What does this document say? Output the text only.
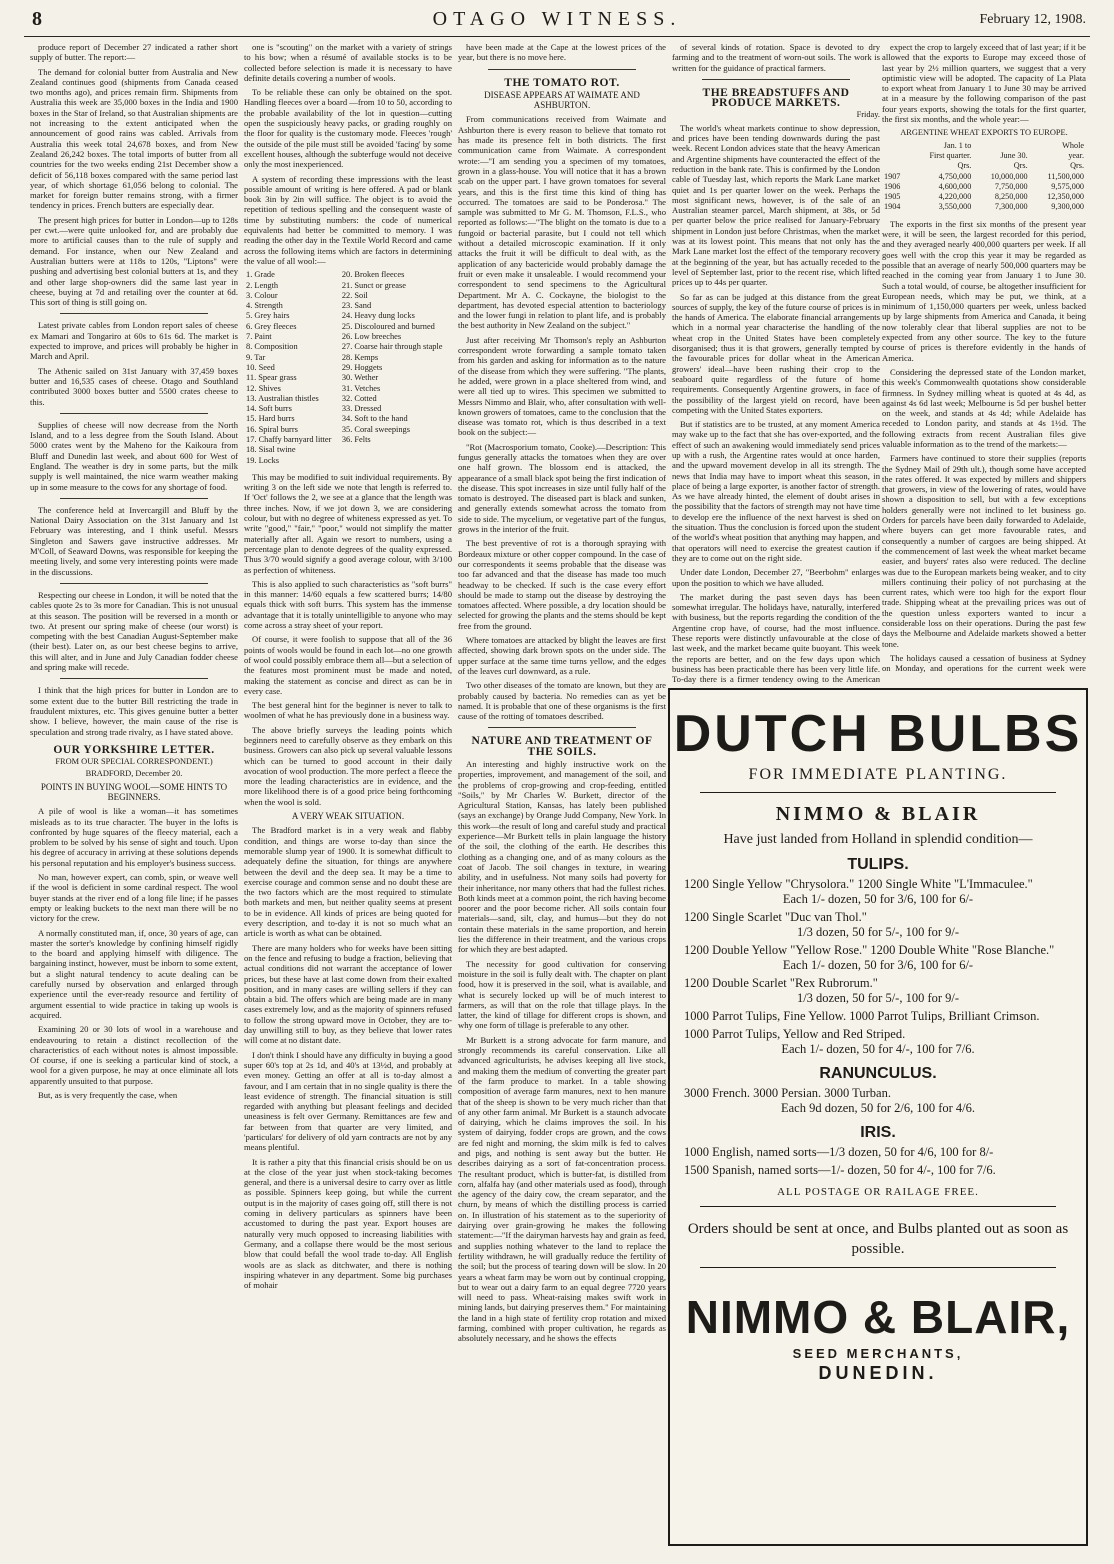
8	OTAGO WITNESS.	February 12, 1908.

produce report of December 27 indicated a rather short supply of butter. The report:—

The demand for colonial butter from Australia and New Zealand continues good (shipments from Canada ceased two months ago), and prices remain firm. Shipments from Australia this week are 35,000 boxes in the India and 1900 boxes in the Star of Ireland, so that Australian shipments are not increasing to the extent anticipated when the announcement of good rains was cabled. Arrivals from Australia this week total 24,678 boxes, and from New Zealand 26,242 boxes. The total imports of butter from all countries for the two weeks ending 21st December show a deficit of 56,118 boxes compared with the same period last year, of which shortage 61,056 belong to colonial. The market for foreign butter remains strong, with a firmer tendency in prices. French butters are especially dear.

The present high prices for butter in London—up to 128s per cwt.—were quite unlooked for, and are probably due more to artificial causes than to the rule of supply and demand. For instance, when our New Zealand and Australian butters were at 118s to 120s, "Liptons" were pushing and advertising best colonial butters at 1s, and they and other large shop-owners did the same last year in cheese, buying at 7d and retailing over the counter at 6d. This sort of thing is still going on.

Latest private cables from London report sales of cheese ex Mamari and Tongariro at 60s to 61s 6d. The market is expected to improve, and prices will probably be higher in March and April.

The Athenic sailed on 31st January with 37,459 boxes butter and 16,535 cases of cheese. Otago and Southland contributed 3000 boxes butter and 5500 crates cheese to this.

Supplies of cheese will now decrease from the North Island, and to a less degree from the South Island. About 5000 crates went by the Maheno for the Kaikoura from Bluff and Dunedin last week, and about 600 for West of England. The weather is dry in some parts, but the milk supply is well maintained, the nice warm weather making up in some measure to the cows for any shortage of food.

The conference held at Invercargill and Bluff by the National Dairy Association on the 31st January and 1st February was interesting, and I think useful. Messrs Singleton and Sawers gave instructive addresses. Mr M'Coll, of Seaward Downs, was responsible for keeping the meeting lively, and some very interesting points were made in the discussions.

Respecting our cheese in London, it will be noted that the cables quote 2s to 3s more for Canadian. This is not unusual at this season. The position will be reversed in a month or two. At present our spring make of cheese (our worst) is competing with the best Canadian August-September make (their best). Later on, as our best cheese begins to arrive, this will alter, and in June and July Canadian fodder cheese and spring make will recede.

I think that the high prices for butter in London are to some extent due to the butter Bill restricting the trade in fraudulent mixtures, etc. This gives genuine butter a better show. I believe, however, the main cause of the rise is speculation and strong trade rivalry, as I have stated above.

OUR YORKSHIRE LETTER.

FROM OUR SPECIAL CORRESPONDENT.)

BRADFORD, December 20.

POINTS IN BUYING WOOL—SOME HINTS TO BEGINNERS.

A pile of wool is like a woman—it has sometimes misleads as to its true character. The buyer in the lofts is confronted by huge squares of the fleecy material, each a problem to be solved by his sense of sight and touch. Upon his degree of accuracy in arriving at these solutions depends his personal reputation and his employer's business success.

No man, however expert, can comb, spin, or weave well if the wool is deficient in some cardinal respect. The wool buyer stands at the river end of a long file line; if he passes empty or leaking buckets to the next man there will be no victory for the crew.

A normally constituted man, if, once, 30 years of age, can master the sorter's knowledge by confining himself rigidly to the board and applying himself with diligence. The bargaining instinct, however, must be inborn to some extent, but a slight natural tendency to acute dealing can be carefully nursed by observation and enlarged through experience until the ever-ready resource and fertility of argument essential to wide practice in taking up wools is acquired.

Examining 20 or 30 lots of wool in a warehouse and endeavouring to retain a distinct recollection of the characteristics of each without notes is almost impossible. Of course, if one is seeking a particular kind of stock, a wool for a given purpose, he may at once eliminate all lots apparently unsuited to that purpose.

But, as is very frequently the case, when

one is "scouting" on the market with a variety of strings to his bow; when a résumé of available stocks is to be collected before selection is made it is necessary to have definite details covering a number of wools.

To be reliable these can only be obtained on the spot. Handling fleeces over a board —from 10 to 50, according to the probable availability of the lot in question—cutting open the suspiciously heavy packs, or grading roughly on the floor for quality is the customary mode. Fleeces 'rough' the outside of the pile must still be avoided 'facing' by some excellent houses, although the subterfuge would not deceive only the most inexperienced.

A system of recording these impressions with the least possible amount of writing is here offered. A pad or blank book 3in by 2in will suffice. The object is to avoid the repetition of tedious spelling and the consequent waste of time by substituting numbers: the code of numerical equivalents had better be committed to memory. I was reading the other day in the Textile World Record and came across the following items which are factors in determining the value of all wool:—

1. Grade
2. Length
3. Colour
4. Strength
5. Grey hairs
6. Grey fleeces
7. Paint
8. Composition
9. Tar
10. Seed
11. Spear grass
12. Shives
13. Australian thistles
14. Soft burrs
15. Hard burrs
16. Spiral burrs
17. Chaffy barnyard litter
18. Sisal twine
19. Locks

20. Broken fleeces
21. Sunct or grease
22. Soil
23. Sand
24. Heavy dung locks
25. Discoloured and burned
26. Low breeches
27. Coarse hair through staple
28. Kemps
29. Hoggets
30. Wether
31. Vetches
32. Cotted
33. Dressed
34. Soft to the hand
35. Coral sweepings
36. Felts

This may be modified to suit individual requirements. By writing 3 on the left side we note that length is referred to. If 'Oct' follows the 2, we see at a glance that the length was three inches. Now, if we jot down 3, we are considering colour, but with no degree of whiteness expressed as yet. To write "good," "fair," "poor," would not simplify the matter materially after all. Again we resort to numbers, using a percentage plan to denote degrees of the quality expressed. Thus 3/70 would signify a good average colour, with 3/100 as perfection of whiteness.

This is also applied to such characteristics as "soft burrs" in this manner: 14/60 equals a few scattered burrs; 14/80 equals thick with soft burrs. This system has the immense advantage that it is totally unintelligible to anyone who may come across a stray sheet of your report.

Of course, it were foolish to suppose that all of the 36 points of wools would be found in each lot—no one growth of wool could possibly embrace them all—but a selection of the features most prominent must be made and noted, making the statement as concise and direct as can be in every case.

The best general hint for the beginner is never to talk to woolmen of what he has previously done in a business way.

The above briefly surveys the leading points which beginners need to carefully observe as they embark on this business. Growers can also pick up several valuable lessons which can be turned to good account in their daily avocation of wool production. The more perfect a fleece the more the leading characteristics are in evidence, and the more likelihood there is of a good price being forthcoming when the wool is sold.

A VERY WEAK SITUATION.

The Bradford market is in a very weak and flabby condition, and things are worse to-day than since the memorable slump year of 1900. It is somewhat difficult to adequately define the situation, for things are anywhere between the devil and the deep sea. It may be a time to exercise courage and common sense and no doubt these are the two factors which are the most required to stimulate both markets and men, but neither quality seems at present to be in evidence. All kinds of prices are being quoted for every description, and to-day it is not so much what an article is worth as what can be obtained.

There are many holders who for weeks have been sitting on the fence and refusing to budge a fraction, believing that actual conditions did not warrant the acceptance of lower prices, but these have at last come down from their exalted position, and in many cases are willing sellers if they can obtain a bid. The offers which are being made are in many cases extremely low, and as the majority of spinners refused to follow the strong upward move in October, they are to-day unwilling still to buy, as they believe that lower rates will come at no distant date.

I don't think I should have any difficulty in buying a good super 60's top at 2s 1d, and 40's at 13½d, and probably at even money. Getting an offer at all is to-day almost a favour, and I am certain that in no single quality is there the least evidence of strength. The financial situation is still regarded with anything but pleasant feelings and decided uneasiness is felt over Germany. Remittances are few and far between from that quarter are very limited, and 'particulars' for delivery of old yarn contracts are not by any means plentiful.

It is rather a pity that this financial crisis should be on us at the close of the year just when stock-taking becomes general, and there is a universal desire to carry over as little as possible. Spinners keep going, but while the current output is in the majority of cases going off, still there is not coming in delivery particulars as spinners have been accustomed to during the past year. Export houses are naturally very much opposed to increasing liabilities with Germany, and a collapse there would be the most serious blow that could befall the wool trade to-day. All English wools are as slack as ditchwater, and there is nothing inspiring whatever in any department. Some big purchases of mohair

have been made at the Cape at the lowest prices of the year, but there is no move here.

THE TOMATO ROT.
DISEASE APPEARS AT WAIMATE AND ASHBURTON.

From communications received from Waimate and Ashburton there is every reason to believe that tomato rot has made its presence felt in both districts. The first communication came from Waimate. A correspondent wrote:—"I am sending you a specimen of my tomatoes, grown in a glass-house. You will notice that it has a brown scab on the upper part. I have grown tomatoes for several years, and this is the first time this kind of thing has occurred. The tomatoes are said to be Ponderosa." The sample was submitted to Mr G. M. Thomson, F.L.S., who reported as follows:—"The blight on the tomato is due to a fungoid or bacterial parasite, but I could not tell which without a detailed microscopic examination. If it only attacks the fruit it will be difficult to deal with, as the application of any bactericide would probably damage the fruit or even make it unsaleable. I would recommend your correspondent to send specimens to the Agricultural Department. Mr A. C. Cockayne, the biologist to the department, has devoted especial attention to bacteriology and the lower fungi in relation to plant life, and is probably the best authority in New Zealand on the subject."

Just after receiving Mr Thomson's reply an Ashburton correspondent wrote forwarding a sample tomato taken from his garden and asking for information as to the nature of the disease from which they were suffering. "The plants, he added, were grown in a place sheltered from wind, and were all tied up to wires. This specimen we submitted to Messrs Nimmo and Blair, who, after consultation with well-known growers of tomatoes, came to the conclusion that the disease was tomato rot, which is thus described in a text book on the subject:—

"Rot (Macrosporium tomato, Cooke).—Description: This fungus generally attacks the tomatoes when they are over one half grown. The blossom end is attacked, the appearance of a small black spot being the first indication of the disease. This spot increases in size until fully half of the tomato is destroyed. The diseased part is black and sunken, and generally extends somewhat across the tomato from side to side. The mycelium, or vegetative part of the fungus, grows in the interior of the fruit.

The best preventive of rot is a thorough spraying with Bordeaux mixture or other copper compound. In the case of our correspondents it seems probable that the disease was too far advanced and that the disease has made too much headway to be checked. If such is the case every effort should be made to stamp out the disease by destroying the tomatoes affected. Where possible, a dry location should be selected for growing the plants and the stems should be kept free from the ground.

Where tomatoes are attacked by blight the leaves are first affected, showing dark brown spots on the under side. The upper surface at the same time turns yellow, and the edges of the leaves curl downward, as a rule.

Two other diseases of the tomato are known, but they are probably caused by bacteria. No remedies can as yet be named. It is probable that one of these organisms is the first cause of the rotting of tomatoes described.

NATURE AND TREATMENT OF THE SOILS.

An interesting and highly instructive work on the properties, improvement, and management of the soil, and the problems of crop-growing and crop-feeding, entitled "Soils," by Mr Charles W. Burkett, director of the Agricultural Station, Kansas, has lately been published (says an exchange) by Orange Judd Company, New York. In this work—the result of long and careful study and practical experience—Mr Burkett tells in plain language the history of the soil, the clothing of the earth. He describes this clothing as a changing one, and of as many colours as the coat of Jacob. The soil changes in texture, in wearing ability, and in usefulness. Not many soils had poverty for their inheritance, nor many others that had the fullest riches. Both kinds meet at a common point, the rich having become poorer and the poor become richer. All soils contain four materials—sand, silt, clay, and humus—but they do not contain these materials in the same proportion, and herein lies the difference in their treatment, and the various crops for which they are best adapted.

The necessity for good cultivation for conserving moisture in the soil is fully dealt with. The chapter on plant food, how it is preserved in the soil, what is available, and what is securely locked up will be of much interest to farmers, as will that on the role that tillage plays. In the latter, the kind of tillage for different crops is shown, and why one form of tillage is preferable to any other.

Mr Burkett is a strong advocate for farm manure, and strongly recommends its careful conservation. Like all advanced agriculturists, he advises keeping all live stock, and making them the medium of converting the greater part of the farm produce to market. In a table showing composition of average farm manures, next to hen manure that of the sheep is shown to be very much richer than that of any other farm animal. Mr Burkett is a staunch advocate of dairying, which he claims improves the soil. In his system of dairying, fodder crops are grown, and the cows are fed night and morning, the skim milk is fed to calves and pigs, and nothing is sent away but the butter. He describes dairying as a sort of fat-concentration process. The resultant product, which is butter-fat, is distilled from corn, alfalfa hay (and other materials used as food), through the agency of the dairy cow, the cream separator, and the churn, by means of which the distilling process is carried on. In illustration of his statement as to the superiority of dairying over grain-growing he makes the following statement:—"If the dairyman harvests hay and grain as feed, and supplies nothing whatever to the land to replace the fertility withdrawn, he will gradually reduce the fertility of the soil; but the process of tearing down will be slow. In 20 years a wheat farm may be worn out by continual cropping, but to wear out a dairy farm to an equal degree 7720 years will need to pass. Wheat-raising makes swift work in mining lands, but dairying preserves them." For maintaining the land in a high state of fertility crop rotation and mixed farming, combined with proper cultivation, he regards as absolutely necessary, and he shows the effects

of several kinds of rotation. Space is devoted to dry farming and to the treatment of worn-out soils. The work is written for the guidance of practical farmers.

THE BREADSTUFFS AND PRODUCE MARKETS.

Friday.

The world's wheat markets continue to show depression, and prices have been tending downwards during the past week. Recent London advices state that the heavy American and Argentine shipments have counteracted the effect of the reduction in the bank rate. This is confirmed by the London cable of Tuesday last, which reports the Mark Lane market quiet and 1s per quarter lower on the week. Perhaps the most significant news, however, is of the sale of an Australian steamer parcel, March shipment, at 38s, or 5d per quarter below the price realised for January-February shipment in London just before Christmas, when the market was at its lowest point. This means that not only has the Mark Lane market lost the effect of the temporary recovery at the beginning of the year, but has actually receded to the level of September last, prior to the recent rise, which lifted prices up to 44s per quarter.

So far as can be judged at this distance from the great sources of supply, the key of the future course of prices is in the hands of America. The elaborate financial arrangements which in a normal year characterise the handling of the wheat crop in the United States have been completely disorganised; thus it is that growers, generally tempted by the favourable prices for dollar wheat in the American growers' ideal—have been rushing their crop to the seaboard quite regardless of the future of home requirements. Consequently Argentine growers, in face of the possibility of the largest yield on record, have been competing with the United States exporters.

But if statistics are to be trusted, at any moment America may wake up to the fact that she has over-exported, and the effect of such an awakening would immediately send prices up with a rush, the Argentine rates would at once harden, and the upward movement develop in all its strength. The news that India may have to import wheat this season, in place of being a large exporter, is another factor of strength. As we have already hinted, the element of doubt arises in the possibility that the factors of strength may not have time to develop ere the influence of the next harvest is shed on the situation. Thus the conclusion is forced upon the student of the world's wheat position that anything may happen, and that operators will need to exercise the greatest caution if they are to come out on the right side.

Under date London, December 27, "Beerbohm" enlarges upon the position to which we have alluded.

The market during the past seven days has been somewhat irregular. The holidays have, naturally, interfered with business, but the reports regarding the condition of the Argentine crop have, of course, had the most influence. These reports were distinctly unfavourable at the close of last week, and the market became quite buoyant. This week the reports are better, and on the few days upon which business has been practicable there has been very little life. To-day there is a firmer tendency owing to the American

expect the crop to largely exceed that of last year; if it be allowed that the exports to Europe may exceed those of last year by 2½ million quarters, we suggest that a very optimistic view will be adopted. The capacity of La Plata to export wheat from January 1 to June 30 may be arrived at in a measure by the following comparison of the past four years exports, showing the totals for the first quarter, the first six months, and the whole year:—

ARGENTINE WHEAT EXPORTS TO EUROPE.

	Jan. 1 to		Whole
	First quarter.	June 30.	year.
	Qrs.	Qrs.	Qrs.
1907	4,750,000	10,000,000	11,500,000
1906	4,600,000	7,750,000	9,575,000
1905	4,220,000	8,250,000	12,350,000
1904	3,550,000	7,300,000	9,300,000

The exports in the first six months of the present year were, it will be seen, the largest recorded for this period, and they averaged nearly 400,000 quarters per week. If all goes well with the crop this year it may be regarded as possible that an average of nearly 500,000 quarters may be reached in the coming year from January 1 to June 30. Such a total would, of course, be altogether insufficient for European needs, which may be put, we think, at a minimum of 1,150,000 quarters per week, unless backed up by large shipments from America and Canada, it being now tolerably clear that liberal supplies are not to be expected from any other source. The key to the future course of prices is therefore evidently in the hands of America.

Considering the depressed state of the London market, this week's Commonwealth quotations show considerable firmness. In Sydney milling wheat is quoted at 4s 4d, as against 4s 6d last week; Melbourne is 5d per bushel better on the week, and stands at 4s 4d; while Adelaide has receded to London parity, and stands at 4s 1½d. The following extracts from recent Australian files give valuable information as to the trend of the markets:—

Farmers have continued to store their supplies (reports the Sydney Mail of 29th ult.), though some have accepted the rates offered. It was expected by millers and shippers that growers, in view of the lowering of rates, would have shown a disposition to sell, but with a few exceptions holders generally were not inclined to let business go. Orders for parcels have been daily forwarded to Adelaide, where buyers can get more favourable rates, and consequently a number of cargoes are being shipped. At the commencement of last week the wheat market became easier, and buyers' rates also were reduced. The decline was due to the European markets being weaker, and to city millers continuing their policy of not purchasing at the current rates, which were too high for the export flour trade. Shipping wheat at the prevailing prices was out of the question unless exporters wanted to incur a considerable loss on their operations. During the past few days the Melbourne and Adelaide markets showed a better tone.

The holidays caused a cessation of business at Sydney on Monday, and operations for the current week were

DUTCH BULBS
FOR IMMEDIATE PLANTING.
NIMMO & BLAIR
Have just landed from Holland in splendid condition—
TULIPS.
1200 Single Yellow "Chrysolora." 1200 Single White "L'Immaculee."
Each 1/- dozen, 50 for 3/6, 100 for 6/-
1200 Single Scarlet "Duc van Thol."
1/3 dozen, 50 for 5/-, 100 for 9/-
1200 Double Yellow "Yellow Rose." 1200 Double White "Rose Blanche."
Each 1/- dozen, 50 for 3/6, 100 for 6/-
1200 Double Scarlet "Rex Rubrorum."
1/3 dozen, 50 for 5/-, 100 for 9/-
1000 Parrot Tulips, Fine Yellow. 1000 Parrot Tulips, Brilliant Crimson.
1000 Parrot Tulips, Yellow and Red Striped.
Each 1/- dozen, 50 for 4/-, 100 for 7/6.
RANUNCULUS.
3000 French. 3000 Persian. 3000 Turban.
Each 9d dozen, 50 for 2/6, 100 for 4/6.
IRIS.
1000 English, named sorts—1/3 dozen, 50 for 4/6, 100 for 8/-
1500 Spanish, named sorts—1/- dozen, 50 for 4/-, 100 for 7/6.
ALL POSTAGE OR RAILAGE FREE.
Orders should be sent at once, and Bulbs planted out as soon as possible.
NIMMO & BLAIR,
SEED MERCHANTS,
DUNEDIN.
